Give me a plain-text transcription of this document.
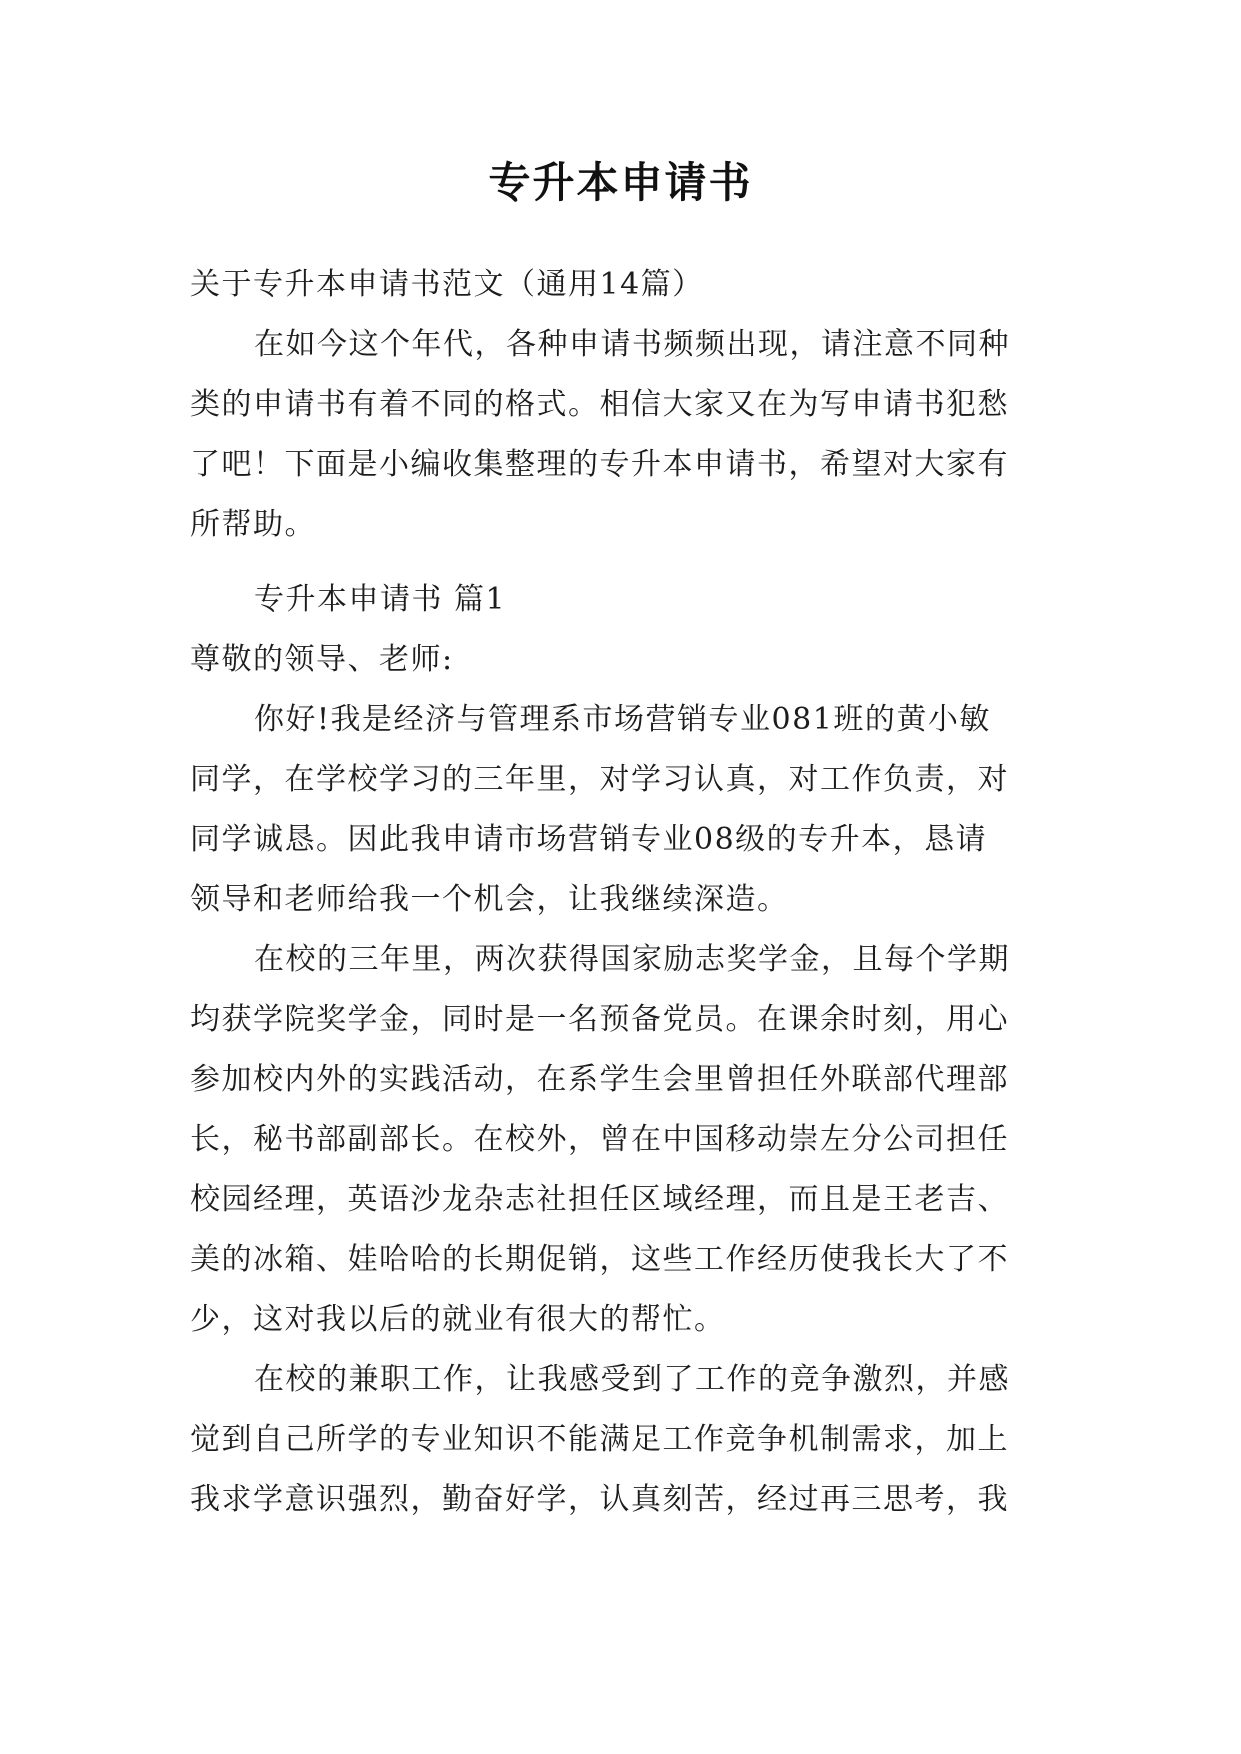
专升本申请书
关于专升本申请书范文（通用14篇）
在如今这个年代，各种申请书频频出现，请注意不同种
类的申请书有着不同的格式。相信大家又在为写申请书犯愁
了吧！下面是小编收集整理的专升本申请书，希望对大家有
所帮助。
专升本申请书 篇1
尊敬的领导、老师:
你好!我是经济与管理系市场营销专业081班的黄小敏
同学，在学校学习的三年里，对学习认真，对工作负责，对
同学诚恳。因此我申请市场营销专业08级的专升本，恳请
领导和老师给我一个机会，让我继续深造。
在校的三年里，两次获得国家励志奖学金，且每个学期
均获学院奖学金，同时是一名预备党员。在课余时刻，用心
参加校内外的实践活动，在系学生会里曾担任外联部代理部
长，秘书部副部长。在校外，曾在中国移动崇左分公司担任
校园经理，英语沙龙杂志社担任区域经理，而且是王老吉、
美的冰箱、娃哈哈的长期促销，这些工作经历使我长大了不
少，这对我以后的就业有很大的帮忙。
在校的兼职工作，让我感受到了工作的竞争激烈，并感
觉到自己所学的专业知识不能满足工作竞争机制需求，加上
我求学意识强烈，勤奋好学，认真刻苦，经过再三思考，我
